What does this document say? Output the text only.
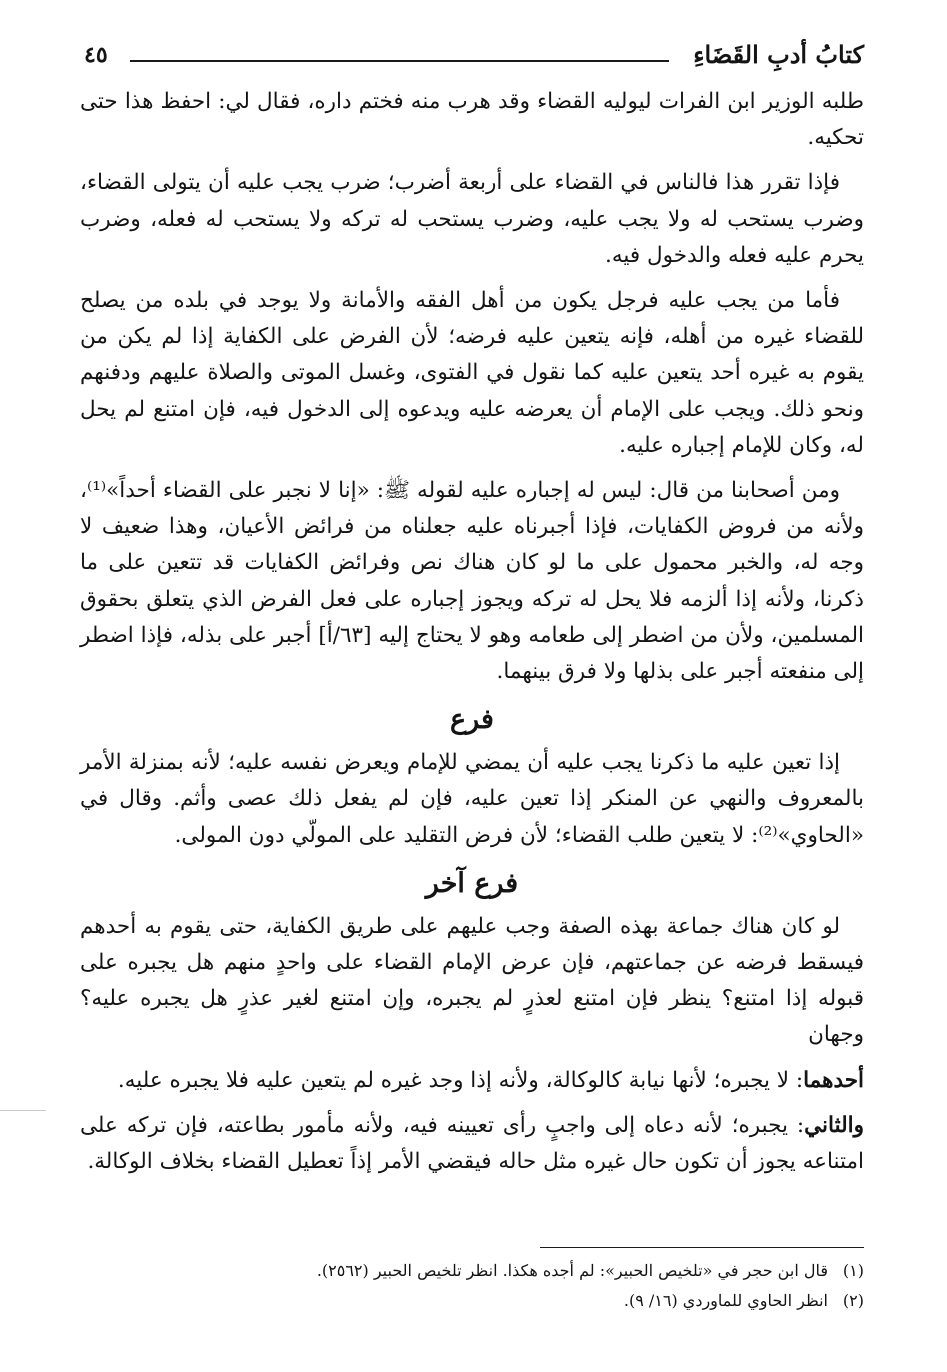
كتابُ أدبِ القَضَاءِ
٤٥

طلبه الوزير ابن الفرات ليوليه القضاء وقد هرب منه فختم داره، فقال لي: احفظ هذا حتى تحكيه.

فإذا تقرر هذا فالناس في القضاء على أربعة أضرب؛ ضرب يجب عليه أن يتولى القضاء، وضرب يستحب له ولا يجب عليه، وضرب يستحب له تركه ولا يستحب له فعله، وضرب يحرم عليه فعله والدخول فيه.

فأما من يجب عليه فرجل يكون من أهل الفقه والأمانة ولا يوجد في بلده من يصلح للقضاء غيره من أهله، فإنه يتعين عليه فرضه؛ لأن الفرض على الكفاية إذا لم يكن من يقوم به غيره أحد يتعين عليه كما نقول في الفتوى، وغسل الموتى والصلاة عليهم ودفنهم ونحو ذلك. ويجب على الإمام أن يعرضه عليه ويدعوه إلى الدخول فيه، فإن امتنع لم يحل له، وكان للإمام إجباره عليه.

ومن أصحابنا من قال: ليس له إجباره عليه لقوله ﷺ: «إنا لا نجبر على القضاء أحداً»⁽¹⁾، ولأنه من فروض الكفايات، فإذا أجبرناه عليه جعلناه من فرائض الأعيان، وهذا ضعيف لا وجه له، والخبر محمول على ما لو كان هناك نص وفرائض الكفايات قد تتعين على ما ذكرنا، ولأنه إذا ألزمه فلا يحل له تركه ويجوز إجباره على فعل الفرض الذي يتعلق بحقوق المسلمين، ولأن من اضطر إلى طعامه وهو لا يحتاج إليه [٦٣/أ] أجبر على بذله، فإذا اضطر إلى منفعته أجبر على بذلها ولا فرق بينهما.

فرع

إذا تعين عليه ما ذكرنا يجب عليه أن يمضي للإمام ويعرض نفسه عليه؛ لأنه بمنزلة الأمر بالمعروف والنهي عن المنكر إذا تعين عليه، فإن لم يفعل ذلك عصى وأثم. وقال في «الحاوي»⁽²⁾: لا يتعين طلب القضاء؛ لأن فرض التقليد على المولّي دون المولى.

فرع آخر

لو كان هناك جماعة بهذه الصفة وجب عليهم على طريق الكفاية، حتى يقوم به أحدهم فيسقط فرضه عن جماعتهم، فإن عرض الإمام القضاء على واحدٍ منهم هل يجبره على قبوله إذا امتنع؟ ينظر فإن امتنع لعذرٍ لم يجبره، وإن امتنع لغير عذرٍ هل يجبره عليه؟ وجهان

أحدهما: لا يجبره؛ لأنها نيابة كالوكالة، ولأنه إذا وجد غيره لم يتعين عليه فلا يجبره عليه.

والثاني: يجبره؛ لأنه دعاه إلى واجبٍ رأى تعيينه فيه، ولأنه مأمور بطاعته، فإن تركه على امتناعه يجوز أن تكون حال غيره مثل حاله فيقضي الأمر إذاً تعطيل القضاء بخلاف الوكالة.

(١)قال ابن حجر في «تلخيص الحبير»: لم أجده هكذا. انظر تلخيص الحبير (٢٥٦٢).

(٢)انظر الحاوي للماوردي (١٦/ ٩).
